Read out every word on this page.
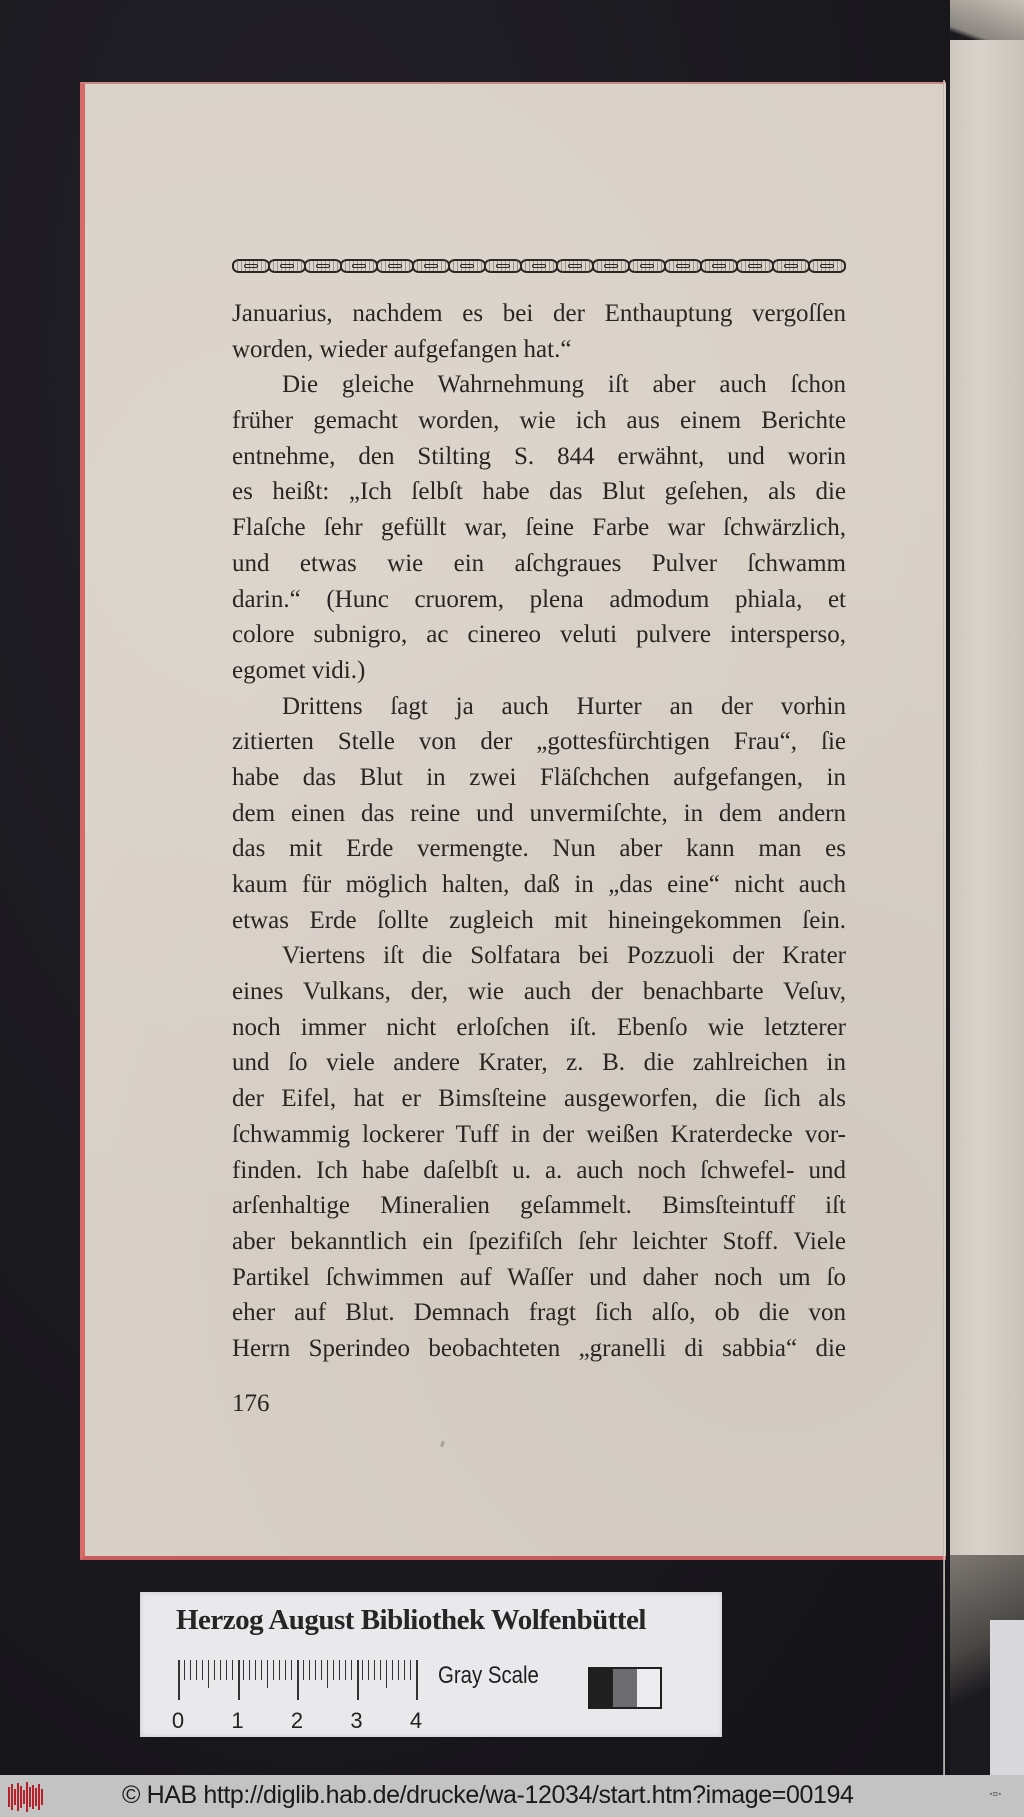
Januarius, nachdem es bei der Enthauptung vergoſſen
worden, wieder aufgefangen hat.“
Die gleiche Wahrnehmung iſt aber auch ſchon
früher gemacht worden, wie ich aus einem Berichte
entnehme, den Stilting S. 844 erwähnt, und worin
es heißt: „Ich ſelbſt habe das Blut geſehen, als die
Flaſche ſehr gefüllt war, ſeine Farbe war ſchwärzlich,
und etwas wie ein aſchgraues Pulver ſchwamm
darin.“ (Hunc cruorem, plena admodum phiala, et
colore subnigro, ac cinereo veluti pulvere intersperso,
egomet vidi.)
Drittens ſagt ja auch Hurter an der vorhin
zitierten Stelle von der „gottesfürchtigen Frau“, ſie
habe das Blut in zwei Fläſchchen aufgefangen, in
dem einen das reine und unvermiſchte, in dem andern
das mit Erde vermengte. Nun aber kann man es
kaum für möglich halten, daß in „das eine“ nicht auch
etwas Erde ſollte zugleich mit hineingekommen ſein.
Viertens iſt die Solfatara bei Pozzuoli der Krater
eines Vulkans, der, wie auch der benachbarte Veſuv,
noch immer nicht erloſchen iſt. Ebenſo wie letzterer
und ſo viele andere Krater, z. B. die zahlreichen in
der Eifel, hat er Bimsſteine ausgeworfen, die ſich als
ſchwammig lockerer Tuff in der weißen Kraterdecke vor-
finden. Ich habe daſelbſt u. a. auch noch ſchwefel- und
arſenhaltige Mineralien geſammelt. Bimsſteintuff iſt
aber bekanntlich ein ſpezifiſch ſehr leichter Stoff. Viele
Partikel ſchwimmen auf Waſſer und daher noch um ſo
eher auf Blut. Demnach fragt ſich alſo, ob die von
Herrn Sperindeo beobachteten „granelli di sabbia“ die
176
Herzog August Bibliothek Wolfenbüttel
0 1 2 3 4
Gray Scale
© HAB http://diglib.hab.de/drucke/wa-12034/start.htm?image=00194	▪◘▪
